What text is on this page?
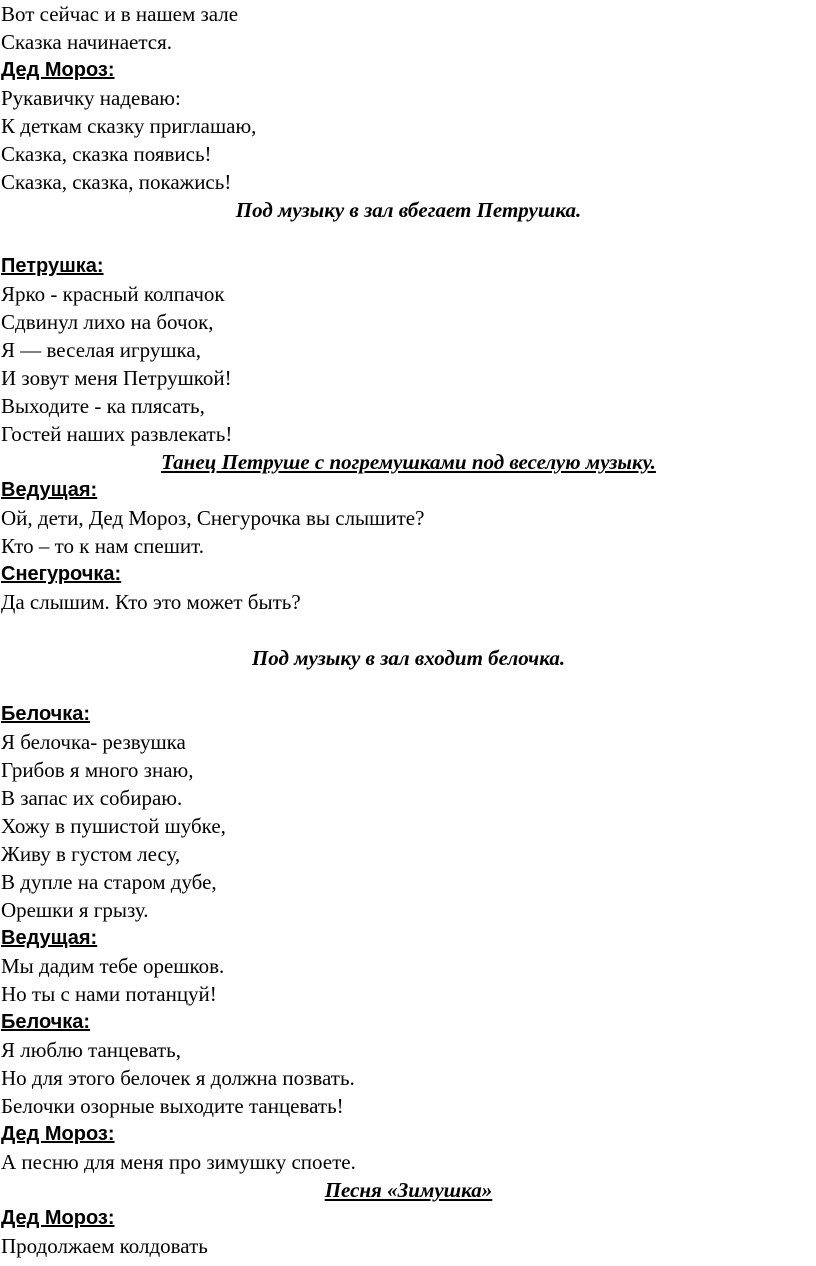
Вот сейчас и в нашем зале
Сказка начинается.
Дед Мороз:
Рукавичку надеваю:
К деткам сказку приглашаю,
Сказка, сказка появись!
Сказка, сказка, покажись!
Под музыку в зал вбегает Петрушка.
Петрушка:
Ярко - красный колпачок
Сдвинул лихо на бочок,
Я — веселая игрушка,
И зовут меня Петрушкой!
Выходите - ка плясать,
Гостей наших развлекать!
Танец Петруше с погремушками под веселую музыку.
Ведущая:
Ой, дети, Дед Мороз, Снегурочка вы слышите?
Кто – то к нам спешит.
Снегурочка:
Да слышим. Кто это может быть?
Под музыку в зал входит белочка.
Белочка:
Я белочка- резвушка
Грибов я много знаю,
В запас их собираю.
Хожу в пушистой шубке,
Живу в густом лесу,
В дупле на старом дубе,
Орешки я грызу.
Ведущая:
Мы дадим тебе орешков.
Но ты с нами потанцуй!
Белочка:
Я люблю танцевать,
Но для этого белочек я должна позвать.
Белочки озорные выходите танцевать!
Дед Мороз:
А песню для меня про зимушку споете.
Песня «Зимушка»
Дед Мороз:
Продолжаем колдовать
